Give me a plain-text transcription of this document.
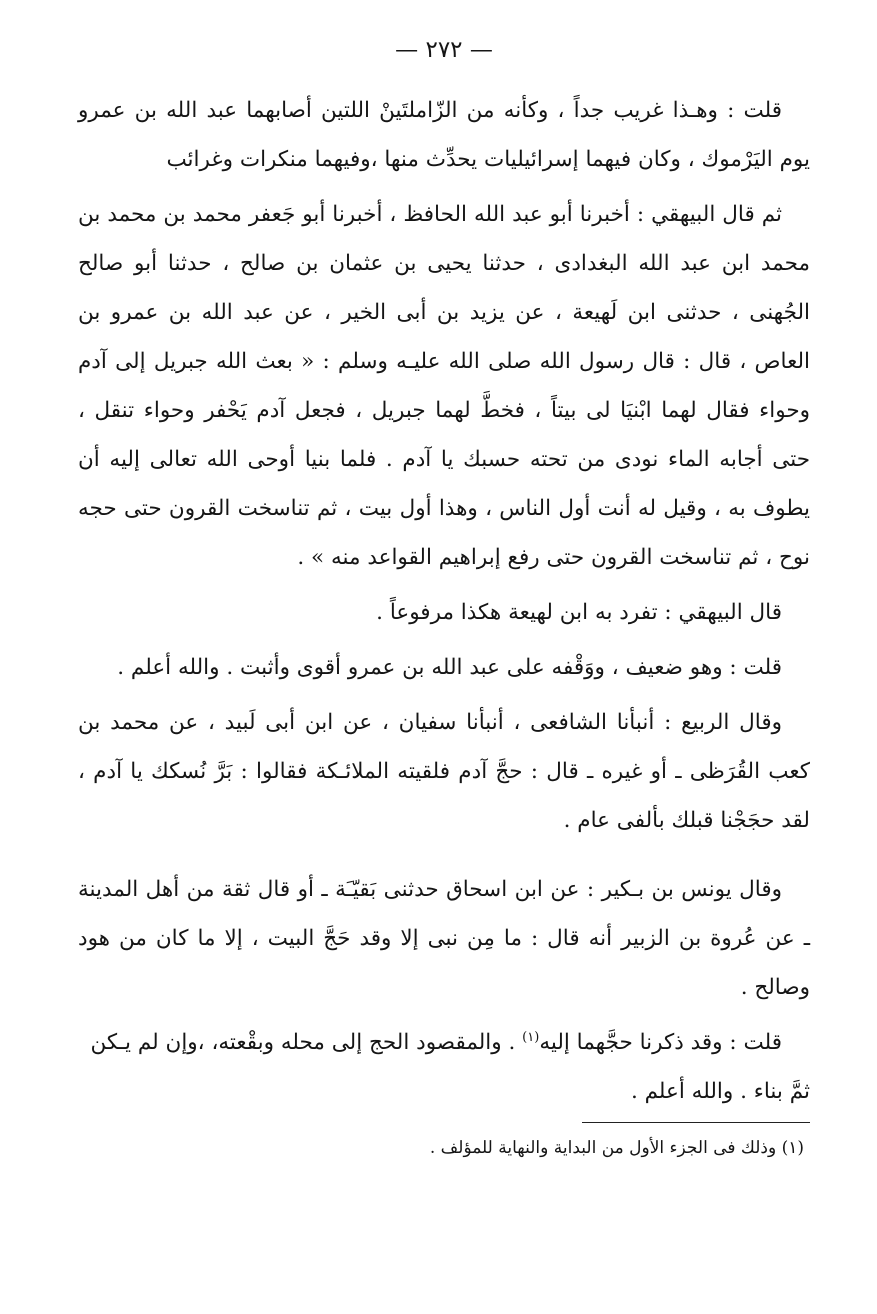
— ٢٧٢ —

قلت : وهـذا غريب جداً ، وكأنه من الزّاملتَينْ اللتين أصابهما عبد الله بن عمرو يوم اليَرْموك ، وكان فيهما إسرائيليات يحدِّث منها ،وفيهما منكرات وغرائب

ثم قال البيهقي : أخبرنا أبو عبد الله الحافظ ، أخبرنا أبو جَعفر محمد بن محمد بن محمد ابن عبد الله البغدادى ، حدثنا يحيى بن عثمان بن صالح ، حدثنا أبو صالح الجُهنى ، حدثنى ابن لَهيعة ، عن يزيد بن أبى الخير ، عن عبد الله بن عمرو بن العاص ، قال : قال رسول الله صلى الله عليـه وسلم : « بعث الله جبريل إلى آدم وحواء فقال لهما ابْنيَا لى بيتاً ، فخطَّ لهما جبريل ، فجعل آدم يَحْفر وحواء تنقل ، حتى أجابه الماء نودى من تحته حسبك يا آدم . فلما بنيا أوحى الله تعالى إليه أن يطوف به ، وقيل له أنت أول الناس ، وهذا أول بيت ، ثم تناسخت القرون حتى حجه نوح ، ثم تناسخت القرون حتى رفع إبراهيم القواعد منه » .

قال البيهقي : تفرد به ابن لهيعة هكذا مرفوعاً .

قلت : وهو ضعيف ، ووَقْفه على عبد الله بن عمرو أقوى وأثبت . والله أعلم .

وقال الربيع : أنبأنا الشافعى ، أنبأنا سفيان ، عن ابن أبى لَبيد ، عن محمد بن كعب القُرَظى ـ أو غيره ـ قال : حجَّ آدم فلقيته الملائـكة فقالوا : بَرَّ نُسكك يا آدم ، لقد حجَجْنا قبلك بألفى عام .

وقال يونس بن بـكير : عن ابن اسحاق حدثنى بَقيّـَة ـ أو قال ثقة من أهل المدينة ـ عن عُروة بن الزبير أنه قال : ما مِن نبى إلا وقد حَجَّ البيت ، إلا ما كان من هود وصالح .

قلت : وقد ذكرنا حجَّهما إليه$^{(١)}$ . والمقصود الحج إلى محله وبقْعته، ،وإن لم يـكن

ثمَّ بناء . والله أعلم .

(١) وذلك فى الجزء الأول من البداية والنهاية للمؤلف .
